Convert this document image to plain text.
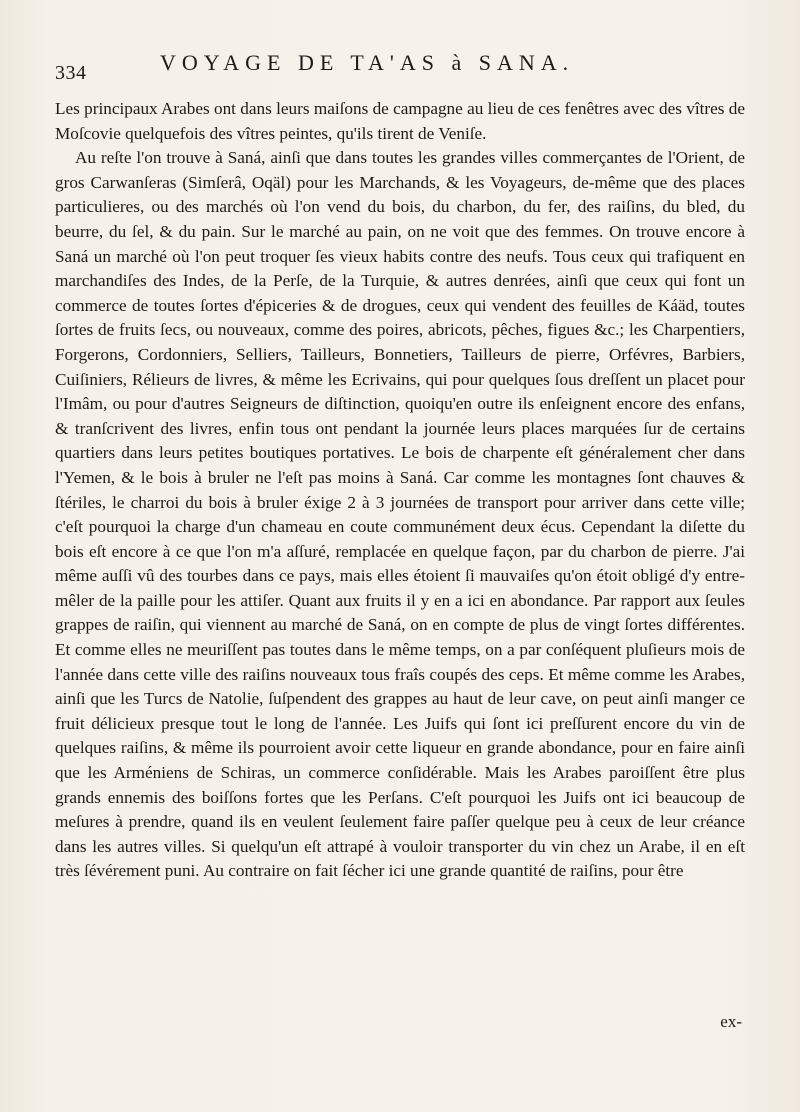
334	VOYAGE DE TA'AS à SANA.

Les principaux Arabes ont dans leurs maiſons de campagne au lieu de ces fenêtres avec des vîtres de Moſcovie quelquefois des vîtres peintes, qu'ils tirent de Veniſe.

Au reſte l'on trouve à Saná, ainſi que dans toutes les grandes villes commerçantes de l'Orient, de gros Carwanſeras (Simſerâ, Oqäl) pour les Marchands, & les Voyageurs, de-même que des places particulieres, ou des marchés où l'on vend du bois, du charbon, du fer, des raiſins, du bled, du beurre, du ſel, & du pain. Sur le marché au pain, on ne voit que des femmes. On trouve encore à Saná un marché où l'on peut troquer ſes vieux habits contre des neufs. Tous ceux qui trafiquent en marchandiſes des Indes, de la Perſe, de la Turquie, & autres denrées, ainſi que ceux qui font un commerce de toutes ſortes d'épiceries & de drogues, ceux qui vendent des feuilles de Káäd, toutes ſortes de fruits ſecs, ou nouveaux, comme des poires, abricots, pêches, figues &c.; les Charpentiers, Forgerons, Cordonniers, Selliers, Tailleurs, Bonnetiers, Tailleurs de pierre, Orfévres, Barbiers, Cuiſiniers, Rélieurs de livres, & même les Ecrivains, qui pour quelques ſous dreſſent un placet pour l'Imâm, ou pour d'autres Seigneurs de diſtinction, quoiqu'en outre ils enſeignent encore des enfans, & tranſcrivent des livres, enfin tous ont pendant la journée leurs places marquées ſur de certains quartiers dans leurs petites boutiques portatives. Le bois de charpente eſt généralement cher dans l'Yemen, & le bois à bruler ne l'eſt pas moins à Saná. Car comme les montagnes ſont chauves & ſtériles, le charroi du bois à bruler éxige 2 à 3 journées de transport pour arriver dans cette ville; c'eſt pourquoi la charge d'un chameau en coute communément deux écus. Cependant la diſette du bois eſt encore à ce que l'on m'a aſſuré, remplacée en quelque façon, par du charbon de pierre. J'ai même auſſi vû des tourbes dans ce pays, mais elles étoient ſi mauvaiſes qu'on étoit obligé d'y entre-mêler de la paille pour les attiſer. Quant aux fruits il y en a ici en abondance. Par rapport aux ſeules grappes de raiſin, qui viennent au marché de Saná, on en compte de plus de vingt ſortes différentes. Et comme elles ne meuriſſent pas toutes dans le même temps, on a par conſéquent pluſieurs mois de l'année dans cette ville des raiſins nouveaux tous fraîs coupés des ceps. Et même comme les Arabes, ainſi que les Turcs de Natolie, ſuſpendent des grappes au haut de leur cave, on peut ainſi manger ce fruit délicieux presque tout le long de l'année. Les Juifs qui ſont ici preſſurent encore du vin de quelques raiſins, & même ils pourroient avoir cette liqueur en grande abondance, pour en faire ainſi que les Arméniens de Schiras, un commerce conſidérable. Mais les Arabes paroiſſent être plus grands ennemis des boiſſons fortes que les Perſans. C'eſt pourquoi les Juifs ont ici beaucoup de meſures à prendre, quand ils en veulent ſeulement faire paſſer quelque peu à ceux de leur créance dans les autres villes. Si quelqu'un eſt attrapé à vouloir transporter du vin chez un Arabe, il en eſt très ſévérement puni. Au contraire on fait ſécher ici une grande quantité de raiſins, pour être

ex-
